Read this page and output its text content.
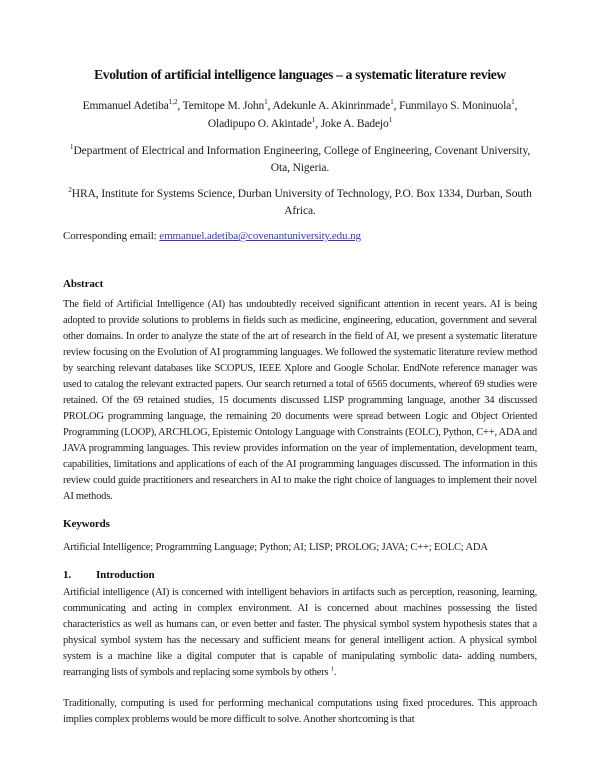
Evolution of artificial intelligence languages – a systematic literature review
Emmanuel Adetiba$^{1,2}$, Temitope M. John$^1$, Adekunle A. Akinrinmade$^1$, Funmilayo S. Moninuola$^1$,
Oladipupo O. Akintade$^1$, Joke A. Badejo$^1$
$^1$Department of Electrical and Information Engineering, College of Engineering, Covenant University, Ota, Nigeria.
$^2$HRA, Institute for Systems Science, Durban University of Technology, P.O. Box 1334, Durban, South Africa.
Corresponding email: emmanuel.adetiba@covenantuniversity.edu.ng
Abstract
The field of Artificial Intelligence (AI) has undoubtedly received significant attention in recent years. AI is being adopted to provide solutions to problems in fields such as medicine, engineering, education, government and several other domains. In order to analyze the state of the art of research in the field of AI, we present a systematic literature review focusing on the Evolution of AI programming languages. We followed the systematic literature review method by searching relevant databases like SCOPUS, IEEE Xplore and Google Scholar. EndNote reference manager was used to catalog the relevant extracted papers. Our search returned a total of 6565 documents, whereof 69 studies were retained. Of the 69 retained studies, 15 documents discussed LISP programming language, another 34 discussed PROLOG programming language, the remaining 20 documents were spread between Logic and Object Oriented Programming (LOOP), ARCHLOG, Epistemic Ontology Language with Constraints (EOLC), Python, C++, ADA and JAVA programming languages. This review provides information on the year of implementation, development team, capabilities, limitations and applications of each of the AI programming languages discussed. The information in this review could guide practitioners and researchers in AI to make the right choice of languages to implement their novel AI methods.
Keywords
Artificial Intelligence; Programming Language; Python; AI; LISP; PROLOG; JAVA; C++; EOLC; ADA
1. Introduction
Artificial intelligence (AI) is concerned with intelligent behaviors in artifacts such as perception, reasoning, learning, communicating and acting in complex environment. AI is concerned about machines possessing the listed characteristics as well as humans can, or even better and faster. The physical symbol system hypothesis states that a physical symbol system has the necessary and sufficient means for general intelligent action. A physical symbol system is a machine like a digital computer that is capable of manipulating symbolic data- adding numbers, rearranging lists of symbols and replacing some symbols by others $^1$.
Traditionally, computing is used for performing mechanical computations using fixed procedures. This approach implies complex problems would be more difficult to solve. Another shortcoming is that
